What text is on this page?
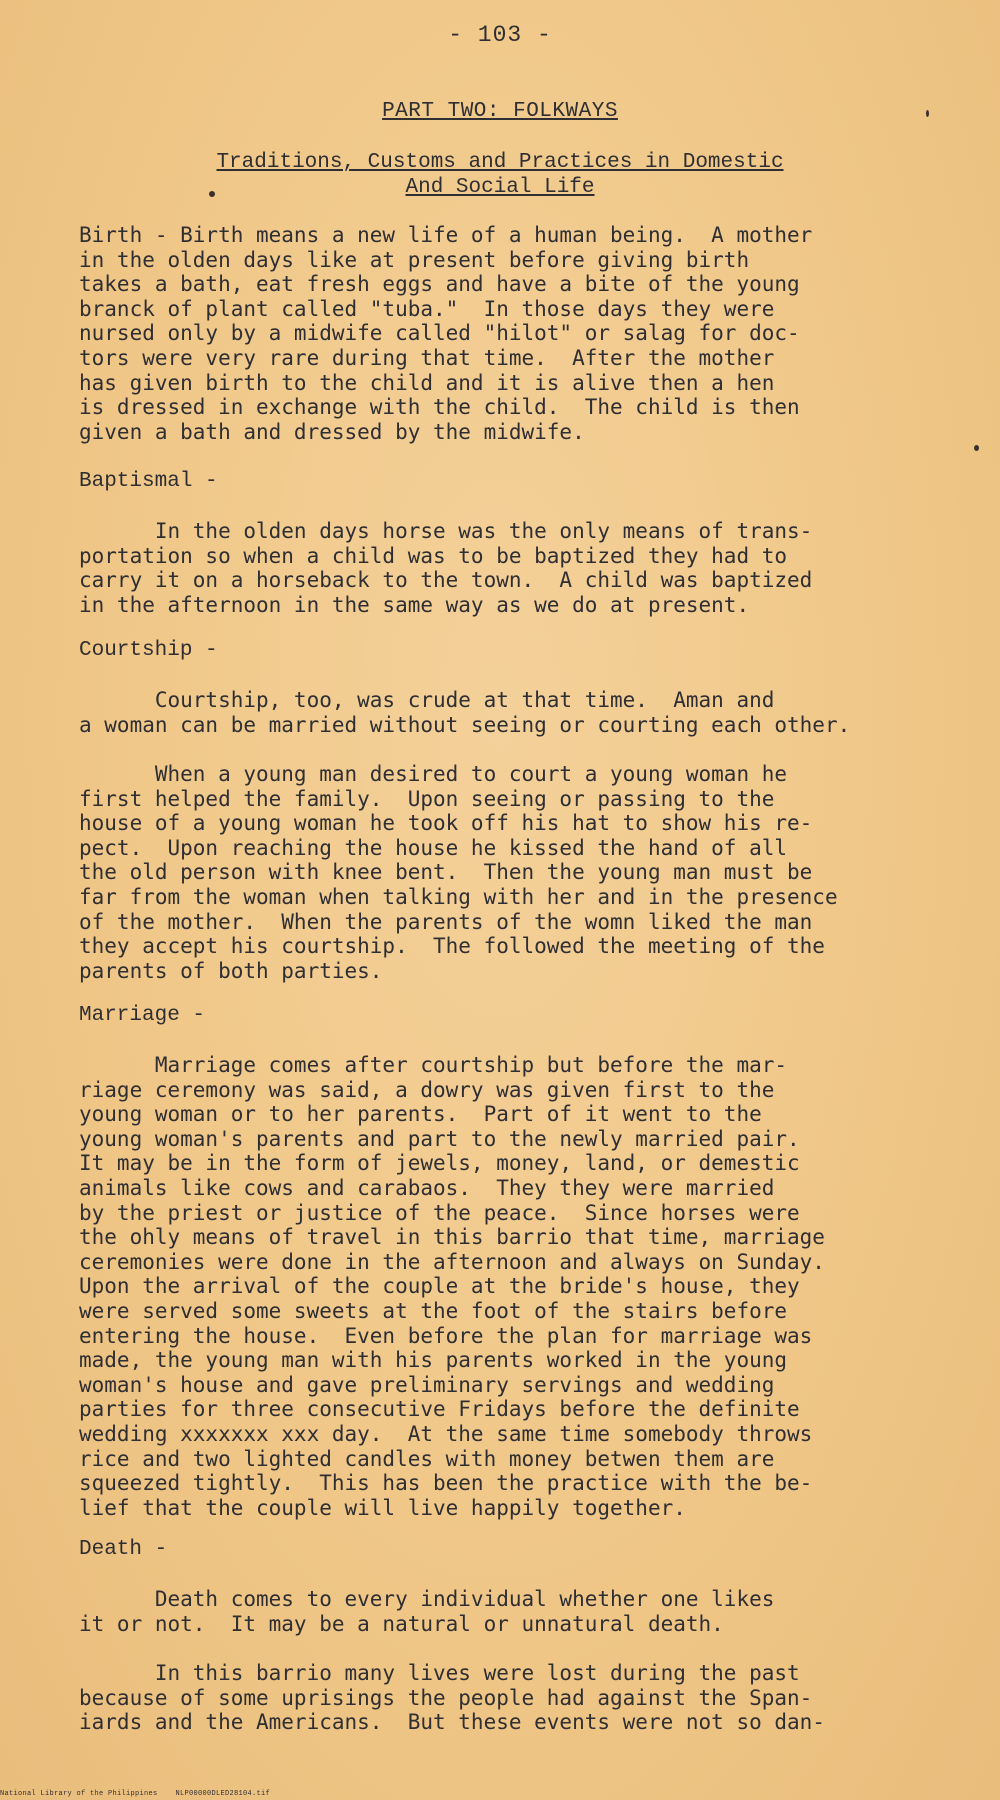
- 103 -
PART TWO: FOLKWAYS
Traditions, Customs and Practices in Domestic
And Social Life
Birth - Birth means a new life of a human being.  A mother
in the olden days like at present before giving birth
takes a bath, eat fresh eggs and have a bite of the young
branck of plant called "tuba."  In those days they were
nursed only by a midwife called "hilot" or salag for doc-
tors were very rare during that time.  After the mother
has given birth to the child and it is alive then a hen
is dressed in exchange with the child.  The child is then
given a bath and dressed by the midwife.
Baptismal -
In the olden days horse was the only means of trans-
portation so when a child was to be baptized they had to
carry it on a horseback to the town.  A child was baptized
in the afternoon in the same way as we do at present.
Courtship -
Courtship, too, was crude at that time.  Aman and
a woman can be married without seeing or courting each other.
When a young man desired to court a young woman he
first helped the family.  Upon seeing or passing to the
house of a young woman he took off his hat to show his re-
pect.  Upon reaching the house he kissed the hand of all
the old person with knee bent.  Then the young man must be
far from the woman when talking with her and in the presence
of the mother.  When the parents of the womn liked the man
they accept his courtship.  The followed the meeting of the
parents of both parties.
Marriage -
Marriage comes after courtship but before the mar-
riage ceremony was said, a dowry was given first to the
young woman or to her parents.  Part of it went to the
young woman's parents and part to the newly married pair.
It may be in the form of jewels, money, land, or demestic
animals like cows and carabaos.  They they were married
by the priest or justice of the peace.  Since horses were
the ohly means of travel in this barrio that time, marriage
ceremonies were done in the afternoon and always on Sunday.
Upon the arrival of the couple at the bride's house, they
were served some sweets at the foot of the stairs before
entering the house.  Even before the plan for marriage was
made, the young man with his parents worked in the young
woman's house and gave preliminary servings and wedding
parties for three consecutive Fridays before the definite
wedding xxxxxxx xxx day.  At the same time somebody throws
rice and two lighted candles with money betwen them are
squeezed tightly.  This has been the practice with the be-
lief that the couple will live happily together.
Death -
Death comes to every individual whether one likes
it or not.  It may be a natural or unnatural death.
In this barrio many lives were lost during the past
because of some uprisings the people had against the Span-
iards and the Americans.  But these events were not so dan-
National Library of the Philippines    NLP00000DLED28104.tif
